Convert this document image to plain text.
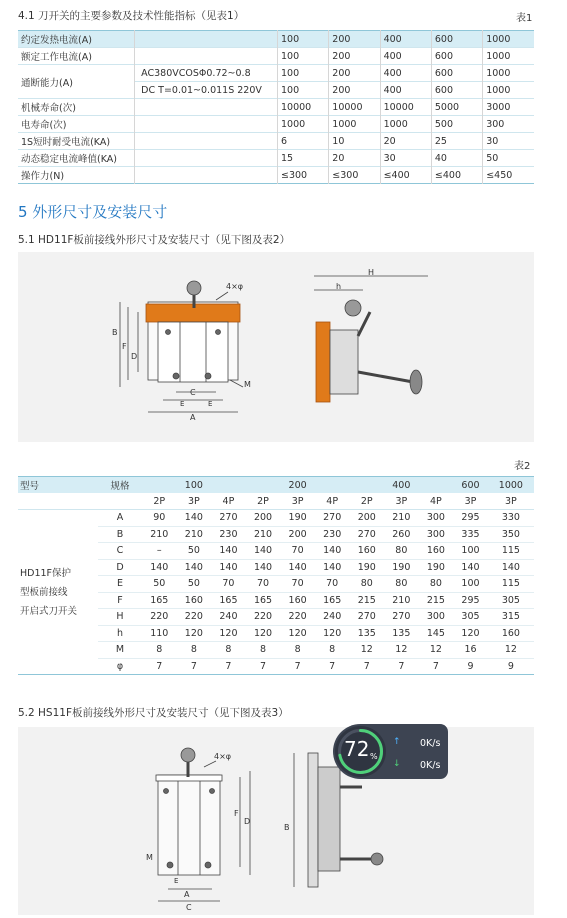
4.1 刀开关的主要参数及技术性能指标（见表1）	表1
约定发热电流(A)		100	200	400	600	1000
额定工作电流(A)		100	200	400	600	1000
通断能力(A)	AC380VCOSΦ0.72~0.8	100	200	400	600	1000
	DC T=0.01~0.011S 220V	100	200	400	600	1000
机械寿命(次)		10000	10000	10000	5000	3000
电寿命(次)		1000	1000	1000	500	300
1S短时耐受电流(KA)		6	10	20	25	30
动态稳定电流峰值(KA)		15	20	30	40	50
操作力(N)		≤300	≤300	≤400	≤400	≤450
5 外形尺寸及安装尺寸
5.1 HD11F板前接线外形尺寸及安装尺寸（见下图及表2）
4×φ
B
F
D
M
C
E	E
A
H
h
表2
型号	规格	100			200			400			600	1000
		2P	3P	4P	2P	3P	4P	2P	3P	4P	3P	3P

HD11F保护
型板前接线
开启式刀开关	A	90	140	270	200	190	270	200	210	300	295	330
	B	210	210	230	210	200	230	270	260	300	335	350
	C	–	50	140	140	70	140	160	80	160	100	115
	D	140	140	140	140	140	140	190	190	190	140	140
	E	50	50	70	70	70	70	80	80	80	100	115
	F	165	160	165	165	160	165	215	210	215	295	305
	H	220	220	240	220	220	240	270	270	300	305	315
	h	110	120	120	120	120	120	135	135	145	120	160
	M	8	8	8	8	8	8	12	12	12	16	12
	φ	7	7	7	7	7	7	7	7	7	9	9
5.2 HS11F板前接线外形尺寸及安装尺寸（见下图及表3）
4×φ
F
D
B
M
E
A
C
72 %
↑ 0K/s
↓ 0K/s
